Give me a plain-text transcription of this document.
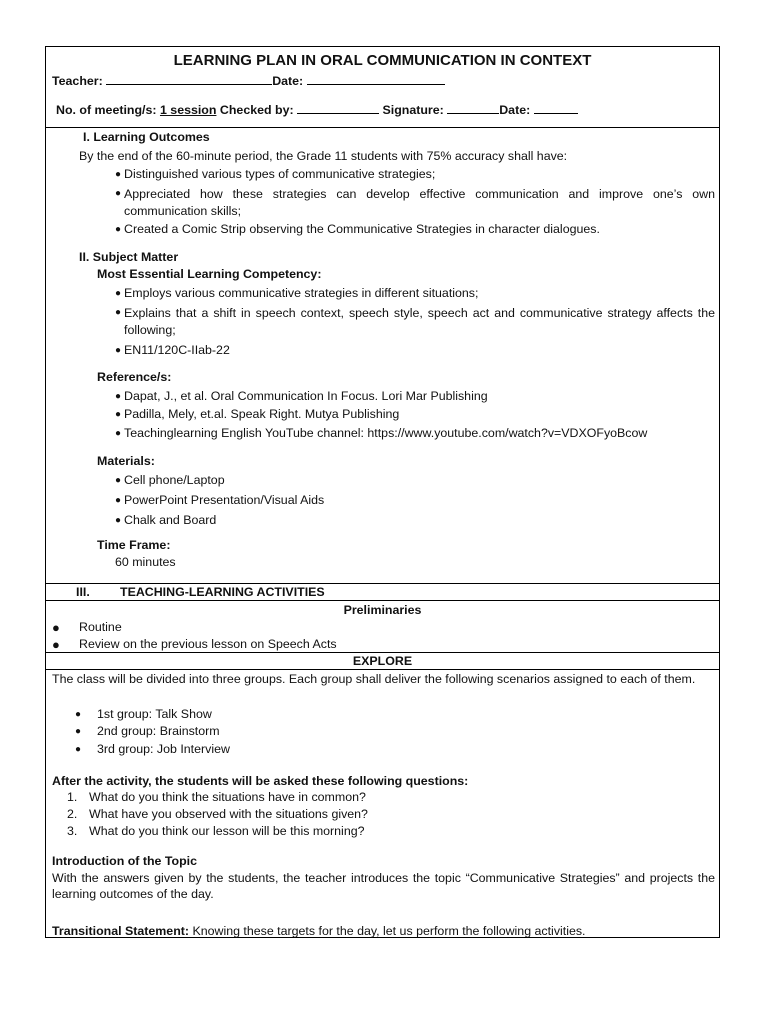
LEARNING PLAN IN ORAL COMMUNICATION IN CONTEXT
Teacher:	Date:
No. of meeting/s: 1 session Checked by:	Signature:	Date:
I. Learning Outcomes
By the end of the 60-minute period, the Grade 11 students with 75% accuracy shall have:
● Distinguished various types of communicative strategies;
● Appreciated how these strategies can develop effective communication and improve one’s own communication skills;
● Created a Comic Strip observing the Communicative Strategies in character dialogues.
II. Subject Matter
Most Essential Learning Competency:
● Employs various communicative strategies in different situations;
● Explains that a shift in speech context, speech style, speech act and communicative strategy affects the following;
● EN11/120C-IIab-22
Reference/s:
● Dapat, J., et al. Oral Communication In Focus. Lori Mar Publishing
● Padilla, Mely, et.al. Speak Right. Mutya Publishing
● Teachinglearning English YouTube channel: https://www.youtube.com/watch?v=VDXOFyoBcow
Materials:
● Cell phone/Laptop
● PowerPoint Presentation/Visual Aids
● Chalk and Board
Time Frame:
60 minutes
III. TEACHING-LEARNING ACTIVITIES
Preliminaries
● Routine
● Review on the previous lesson on Speech Acts
EXPLORE
The class will be divided into three groups. Each group shall deliver the following scenarios assigned to each of them.
● 1st group: Talk Show
● 2nd group: Brainstorm
● 3rd group: Job Interview
After the activity, the students will be asked these following questions:
1. What do you think the situations have in common?
2. What have you observed with the situations given?
3. What do you think our lesson will be this morning?
Introduction of the Topic
With the answers given by the students, the teacher introduces the topic “Communicative Strategies” and projects the learning outcomes of the day.
Transitional Statement: Knowing these targets for the day, let us perform the following activities.
